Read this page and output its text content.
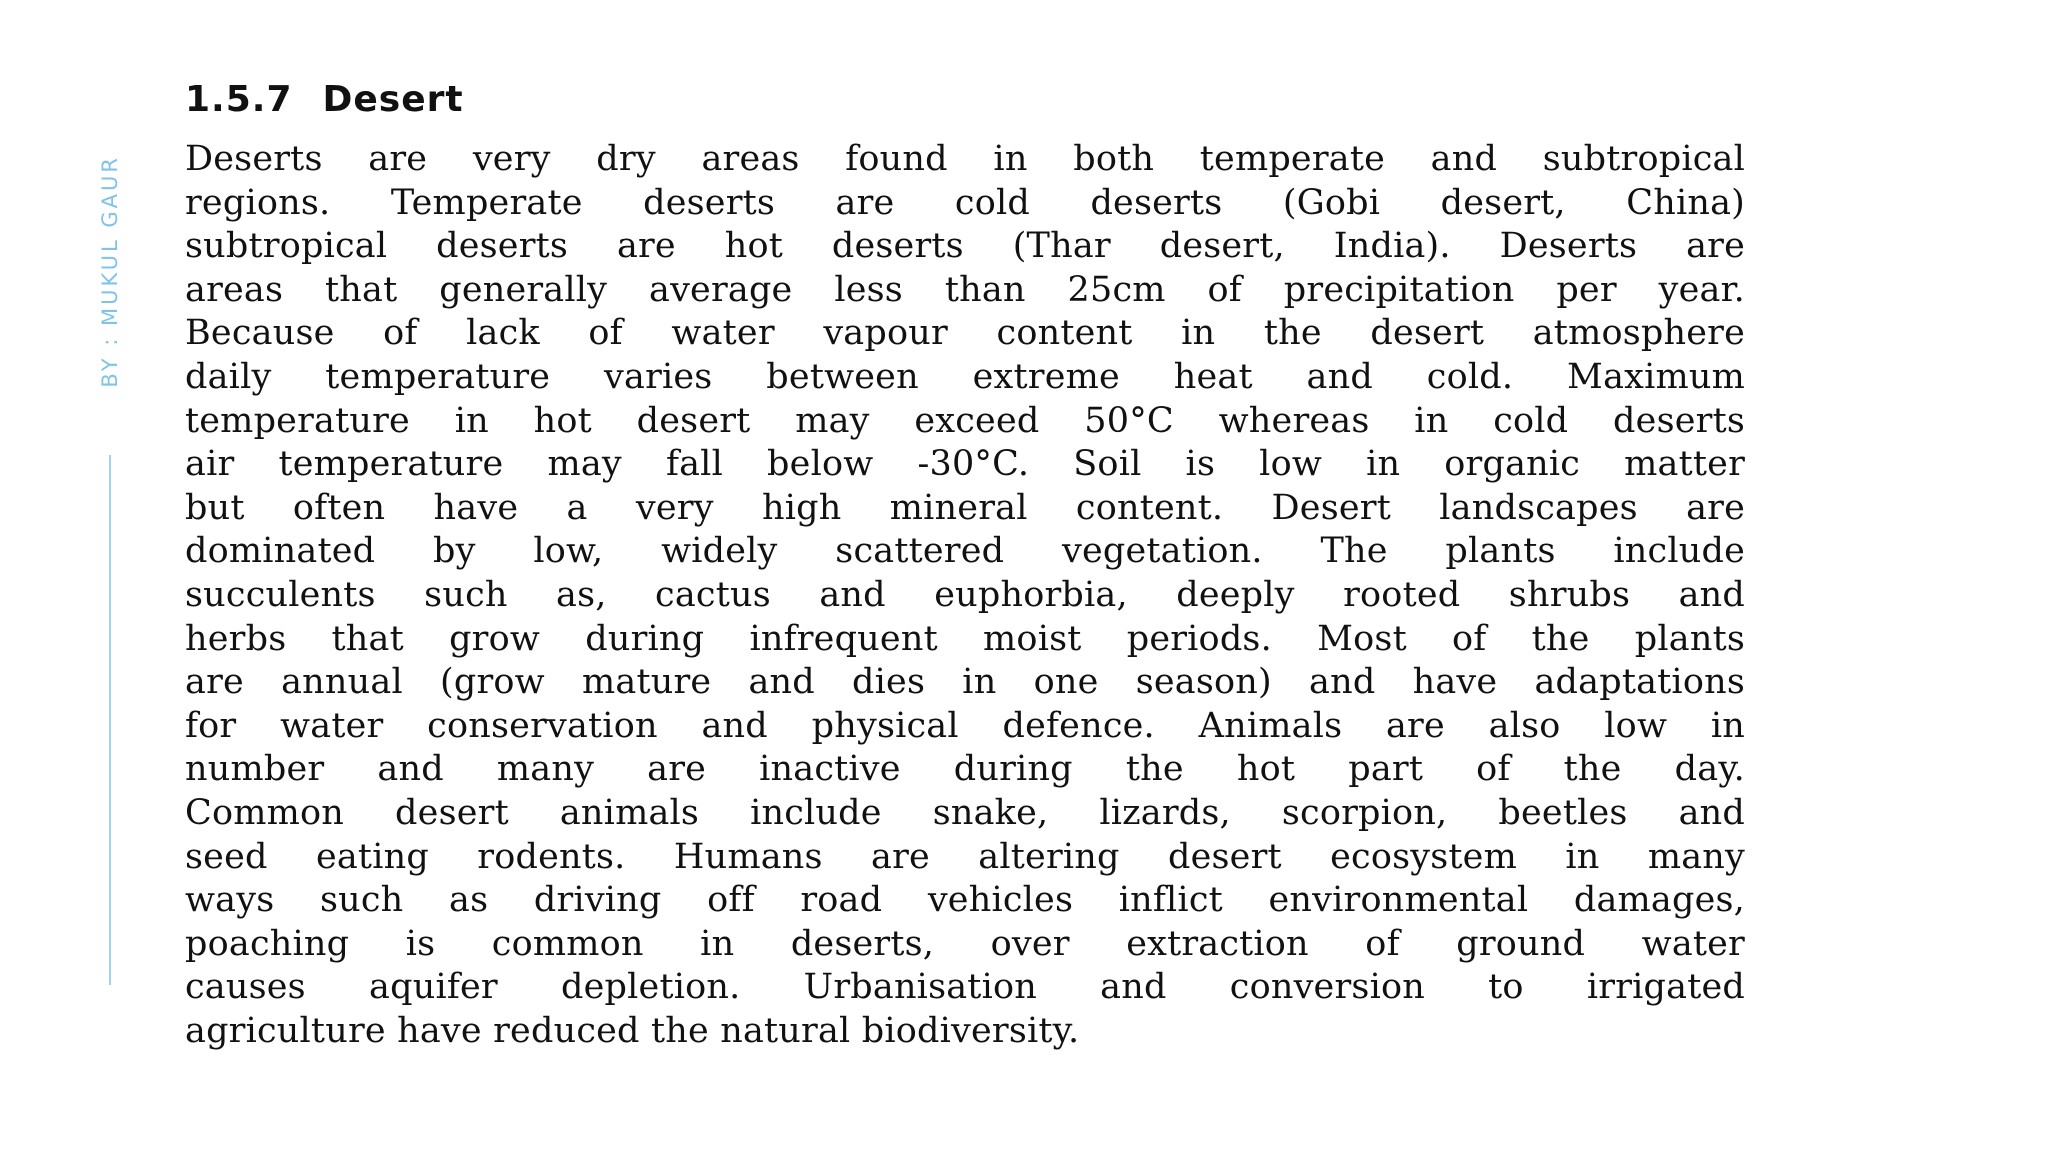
BY : MUKUL GAUR
1.5.7 Desert
Deserts are very dry areas found in both temperate and subtropical
regions. Temperate deserts are cold deserts (Gobi desert, China)
subtropical deserts are hot deserts (Thar desert, India). Deserts are
areas that generally average less than 25cm of precipitation per year.
Because of lack of water vapour content in the desert atmosphere
daily temperature varies between extreme heat and cold. Maximum
temperature in hot desert may exceed 50°C whereas in cold deserts
air temperature may fall below -30°C. Soil is low in organic matter
but often have a very high mineral content. Desert landscapes are
dominated by low, widely scattered vegetation. The plants include
succulents such as, cactus and euphorbia, deeply rooted shrubs and
herbs that grow during infrequent moist periods. Most of the plants
are annual (grow mature and dies in one season) and have adaptations
for water conservation and physical defence. Animals are also low in
number and many are inactive during the hot part of the day.
Common desert animals include snake, lizards, scorpion, beetles and
seed eating rodents. Humans are altering desert ecosystem in many
ways such as driving off road vehicles inflict environmental damages,
poaching is common in deserts, over extraction of ground water
causes aquifer depletion. Urbanisation and conversion to irrigated
agriculture have reduced the natural biodiversity.
